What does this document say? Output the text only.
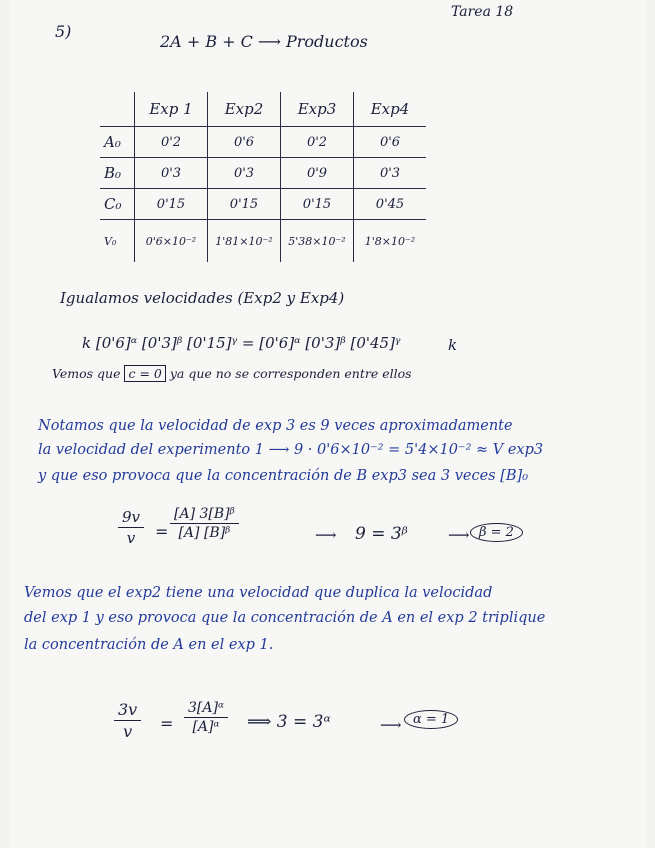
Tarea 18
5)
2A + B + C ⟶ Productos
	Exp 1	Exp2	Exp3	Exp4
A₀	0'2	0'6	0'2	0'6
B₀	0'3	0'3	0'9	0'3
C₀	0'15	0'15	0'15	0'45
V₀	0'6×10⁻²	1'81×10⁻²	5'38×10⁻²	1'8×10⁻²
Igualamos velocidades (Exp2 y Exp4)
k [0'6]ᵅ [0'3]ᵝ [0'15]ᵞ = [0'6]ᵅ [0'3]ᵝ [0'45]ᵞ	k
Vemos que c = 0 ya que no se corresponden entre ellos
Notamos que la velocidad de exp 3 es 9 veces aproximadamente
la velocidad del experimento 1 ⟶ 9 · 0'6×10⁻² = 5'4×10⁻² ≈ V exp3
y que eso provoca que la concentración de B exp3 sea 3 veces [B]₀
$\frac{9v}{v} = \frac{\text{[A] 3[B]ᵝ}}{\text{[A] [B]ᵝ}}$	⟶ 9 = 3ᵝ	⟶ β = 2
Vemos que el exp2 tiene una velocidad que duplica la velocidad
del exp 1 y eso provoca que la concentración de A en el exp 2 triplique
la concentración de A en el exp 1.
$\frac{3v}{v} = \frac{\text{3[A]ᵅ}}{\text{[A]ᵅ}}$ ⟹ 3 = 3ᵅ	⟶ α = 1
